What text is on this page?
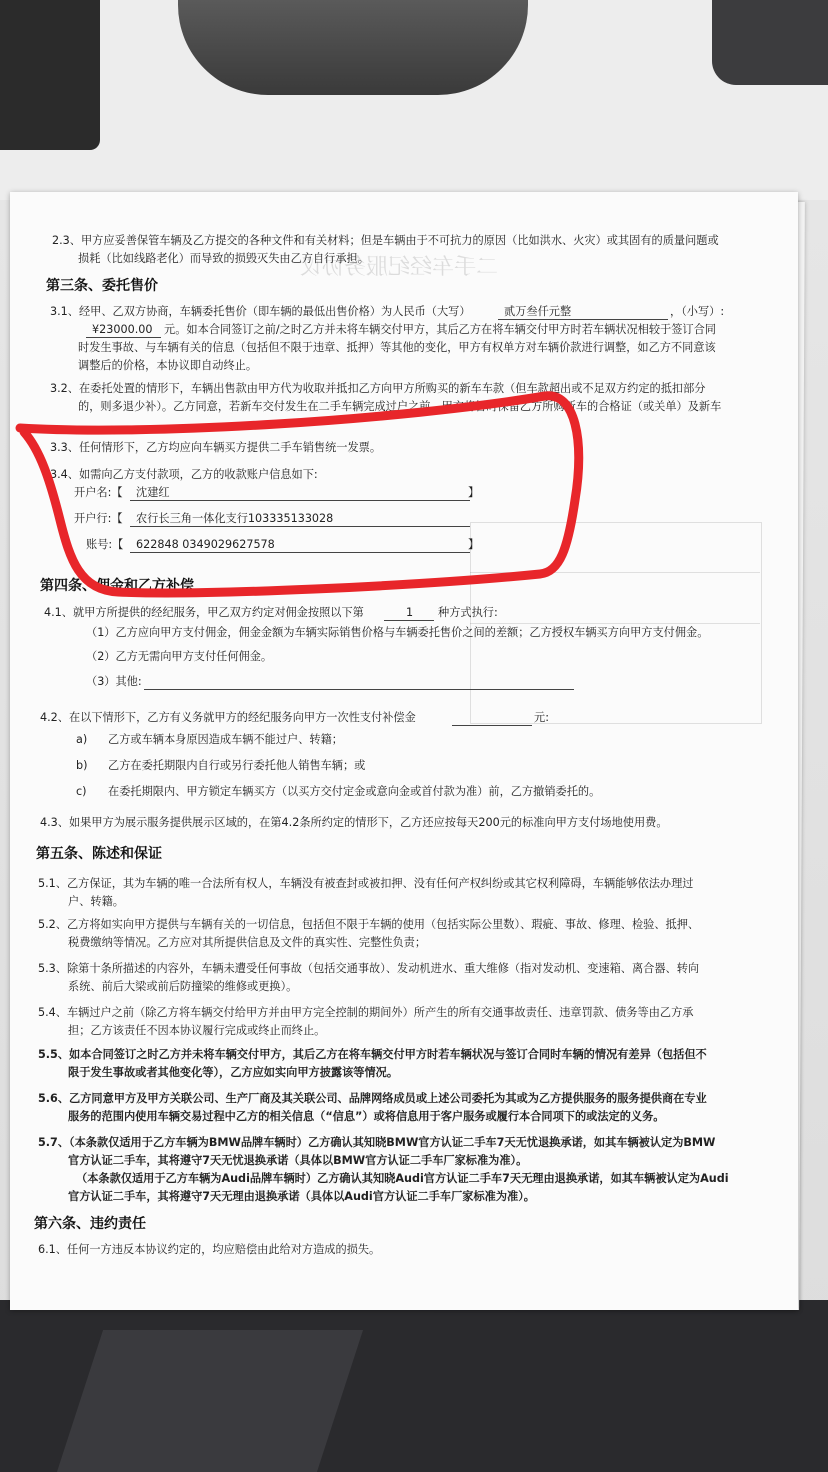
二手车经纪服务协议
2.3、甲方应妥善保管车辆及乙方提交的各种文件和有关材料；但是车辆由于不可抗力的原因（比如洪水、火灾）或其固有的质量问题或
损耗（比如线路老化）而导致的损毁灭失由乙方自行承担。
第三条、委托售价
3.1、经甲、乙双方协商，车辆委托售价（即车辆的最低出售价格）为人民币（大写）	贰万叁仟元整	，（小写）:
¥23000.00 元。如本合同签订之前/之时乙方并未将车辆交付甲方，其后乙方在将车辆交付甲方时若车辆状况相较于签订合同
时发生事故、与车辆有关的信息（包括但不限于违章、抵押）等其他的变化，甲方有权单方对车辆价款进行调整，如乙方不同意该
调整后的价格，本协议即自动终止。
3.2、在委托处置的情形下，车辆出售款由甲方代为收取并抵扣乙方向甲方所购买的新车车款（但车款超出或不足双方约定的抵扣部分
的，则多退少补）。乙方同意，若新车交付发生在二手车辆完成过户之前，甲方将暂时保留乙方所购新车的合格证（或关单）及新车
3.3、任何情形下，乙方均应向车辆买方提供二手车销售统一发票。
3.4、如需向乙方支付款项，乙方的收款账户信息如下:
开户名:【 沈建红	】
开户行:【 农行长三角一体化支行103335133028
账号:【 622848 0349029627578	】
第四条、佣金和乙方补偿
4.1、就甲方所提供的经纪服务，甲乙双方约定对佣金按照以下第	1 种方式执行:
（1）乙方应向甲方支付佣金，佣金金额为车辆实际销售价格与车辆委托售价之间的差额；乙方授权车辆买方向甲方支付佣金。
（2）乙方无需向甲方支付任何佣金。
（3）其他:
4.2、在以下情形下，乙方有义务就甲方的经纪服务向甲方一次性支付补偿金	元:
a) 乙方或车辆本身原因造成车辆不能过户、转籍；
b) 乙方在委托期限内自行或另行委托他人销售车辆；或
c) 在委托期限内、甲方锁定车辆买方（以买方交付定金或意向金或首付款为准）前，乙方撤销委托的。
4.3、如果甲方为展示服务提供展示区域的，在第4.2条所约定的情形下，乙方还应按每天200元的标准向甲方支付场地使用费。
第五条、陈述和保证
5.1、乙方保证，其为车辆的唯一合法所有权人，车辆没有被查封或被扣押、没有任何产权纠纷或其它权利障碍，车辆能够依法办理过
户、转籍。
5.2、乙方将如实向甲方提供与车辆有关的一切信息，包括但不限于车辆的使用（包括实际公里数）、瑕疵、事故、修理、检验、抵押、
税费缴纳等情况。乙方应对其所提供信息及文件的真实性、完整性负责；
5.3、除第十条所描述的内容外，车辆未遭受任何事故（包括交通事故）、发动机进水、重大维修（指对发动机、变速箱、离合器、转向
系统、前后大梁或前后防撞梁的维修或更换）。
5.4、车辆过户之前（除乙方将车辆交付给甲方并由甲方完全控制的期间外）所产生的所有交通事故责任、违章罚款、债务等由乙方承
担；乙方该责任不因本协议履行完成或终止而终止。
5.5、如本合同签订之时乙方并未将车辆交付甲方，其后乙方在将车辆交付甲方时若车辆状况与签订合同时车辆的情况有差异（包括但不
限于发生事故或者其他变化等），乙方应如实向甲方披露该等情况。
5.6、乙方同意甲方及甲方关联公司、生产厂商及其关联公司、品牌网络成员或上述公司委托为其或为乙方提供服务的服务提供商在专业
服务的范围内使用车辆交易过程中乙方的相关信息（“信息”）或将信息用于客户服务或履行本合同项下的或法定的义务。
5.7、（本条款仅适用于乙方车辆为BMW品牌车辆时）乙方确认其知晓BMW官方认证二手车7天无忧退换承诺，如其车辆被认定为BMW
官方认证二手车，其将遵守7天无忧退换承诺（具体以BMW官方认证二手车厂家标准为准）。
（本条款仅适用于乙方车辆为Audi品牌车辆时）乙方确认其知晓Audi官方认证二手车7天无理由退换承诺，如其车辆被认定为Audi
官方认证二手车，其将遵守7天无理由退换承诺（具体以Audi官方认证二手车厂家标准为准）。
第六条、违约责任
6.1、任何一方违反本协议约定的，均应赔偿由此给对方造成的损失。
